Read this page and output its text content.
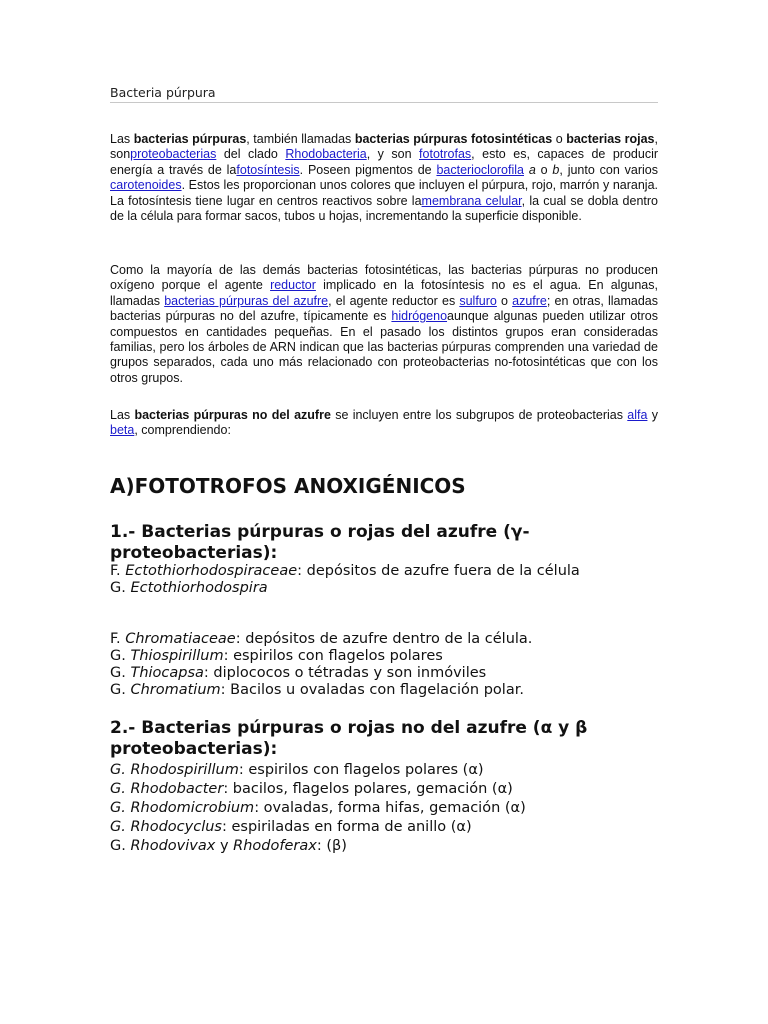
Bacteria púrpura

Las bacterias púrpuras, también llamadas bacterias púrpuras fotosintéticas o bacterias rojas, sonproteobacterias del clado Rhodobacteria, y son fototrofas, esto es, capaces de producir energía a través de lafotosíntesis. Poseen pigmentos de bacterioclorofila a o b, junto con varios carotenoides. Estos les proporcionan unos colores que incluyen el púrpura, rojo, marrón y naranja. La fotosíntesis tiene lugar en centros reactivos sobre lamembrana celular, la cual se dobla dentro de la célula para formar sacos, tubos u hojas, incrementando la superficie disponible.

Como la mayoría de las demás bacterias fotosintéticas, las bacterias púrpuras no producen oxígeno porque el agente reductor implicado en la fotosíntesis no es el agua. En algunas, llamadas bacterias púrpuras del azufre, el agente reductor es sulfuro o azufre; en otras, llamadas bacterias púrpuras no del azufre, típicamente es hidrógenoaunque algunas pueden utilizar otros compuestos en cantidades pequeñas. En el pasado los distintos grupos eran consideradas familias, pero los árboles de ARN indican que las bacterias púrpuras comprenden una variedad de grupos separados, cada uno más relacionado con proteobacterias no-fotosintéticas que con los otros grupos.

Las bacterias púrpuras no del azufre se incluyen entre los subgrupos de proteobacterias alfa y beta, comprendiendo:

A)FOTOTROFOS ANOXIGÉNICOS
1.- Bacterias púrpuras o rojas del azufre (γ-proteobacterias):

F. Ectothiorhodospiraceae: depósitos de azufre fuera de la célula

G. Ectothiorhodospira

F. Chromatiaceae: depósitos de azufre dentro de la célula.

G. Thiospirillum: espirilos con flagelos polares

G. Thiocapsa: diplococos o tétradas y son inmóviles

G. Chromatium: Bacilos u ovaladas con flagelación polar.

2.- Bacterias púrpuras o rojas no del azufre (α y β proteobacterias):

G. Rhodospirillum: espirilos con flagelos polares (α)

G. Rhodobacter: bacilos, flagelos polares, gemación (α)

G. Rhodomicrobium: ovaladas, forma hifas, gemación (α)

G. Rhodocyclus: espiriladas en forma de anillo (α)

G. Rhodovivax y Rhodoferax: (β)
